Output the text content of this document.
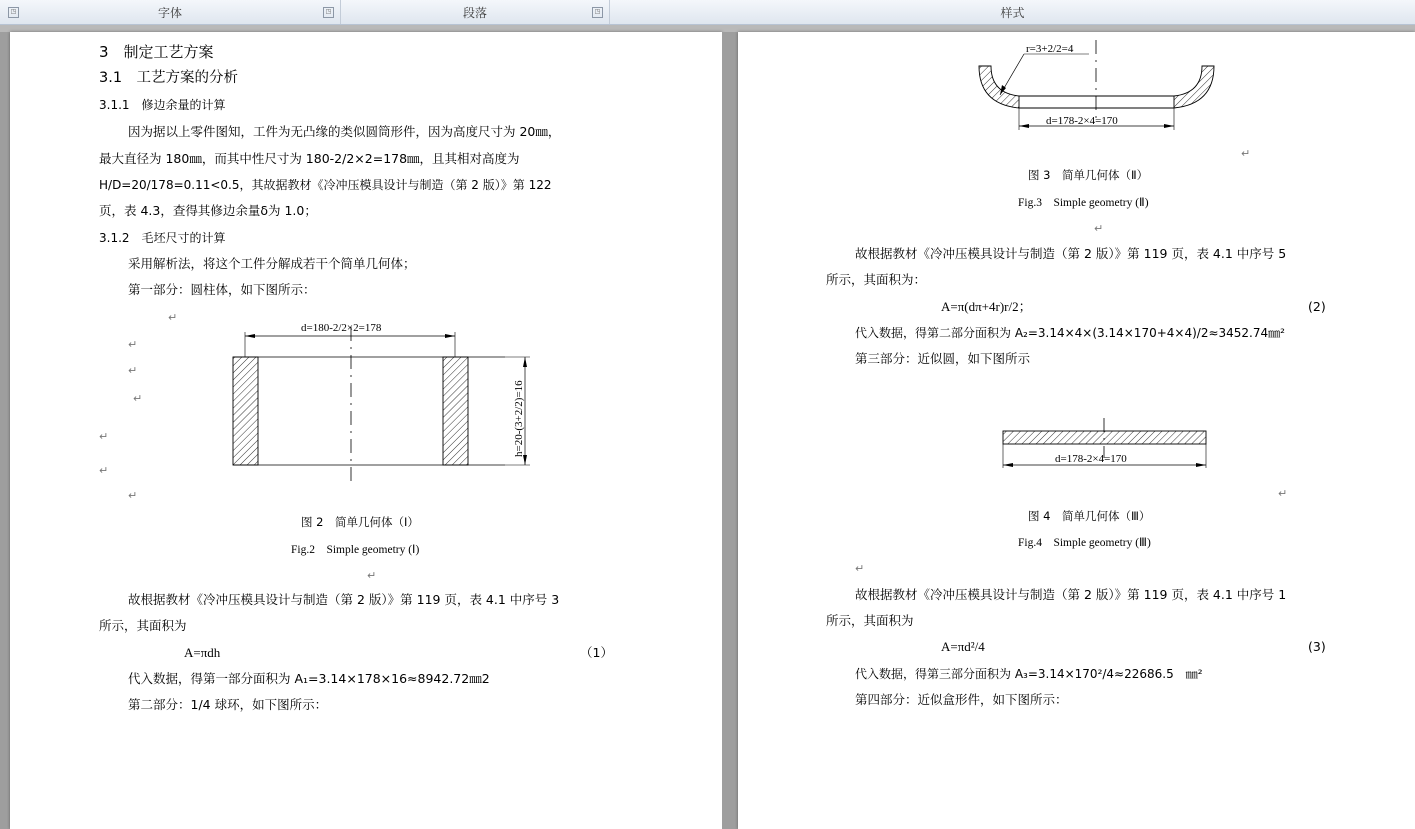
◳	字体	◳	段落	◳	样式
3　制定工艺方案
3.1　工艺方案的分析
3.1.1　修边余量的计算
因为据以上零件图知，工件为无凸缘的类似圆筒形件，因为高度尺寸为 20㎜，
最大直径为 180㎜，而其中性尺寸为 180-2/2×2=178㎜，且其相对高度为
H/D=20/178=0.11<0.5，其故据教材《冷冲压模具设计与制造（第 2 版）》第 122
页，表 4.3，查得其修边余量δ为 1.0；
3.1.2　毛坯尺寸的计算
采用解析法，将这个工件分解成若干个简单几何体；
第一部分：圆柱体，如下图所示：
↵
↵
↵
↵
↵
↵
↵
d=180-2/2×2=178
h=20-(3+2/2)=16
图 2　简单几何体（Ⅰ）
Fig.2　Simple geometry (Ⅰ)
↵
故根据教材《冷冲压模具设计与制造（第 2 版）》第 119 页，表 4.1 中序号 3
所示，其面积为
A=πdh	（1）
代入数据，得第一部分面积为 A₁=3.14×178×16≈8942.72㎜2
第二部分：1/4 球环，如下图所示：
r=3+2/2=4
d=178-2×4=170
↵
图 3　简单几何体（Ⅱ）
Fig.3　Simple geometry (Ⅱ)
↵
故根据教材《冷冲压模具设计与制造（第 2 版）》第 119 页，表 4.1 中序号 5
所示，其面积为：
A=π(dπ+4r)r/2；	(2)
代入数据，得第二部分面积为 A₂=3.14×4×(3.14×170+4×4)/2≈3452.74㎜²
第三部分：近似圆，如下图所示
d=178-2×4=170
↵
图 4　简单几何体（Ⅲ）
Fig.4　Simple geometry (Ⅲ)
↵
故根据教材《冷冲压模具设计与制造（第 2 版）》第 119 页，表 4.1 中序号 1
所示，其面积为
A=πd²/4	(3)
代入数据，得第三部分面积为 A₃=3.14×170²/4≈22686.5　㎜²
第四部分：近似盒形件，如下图所示：
